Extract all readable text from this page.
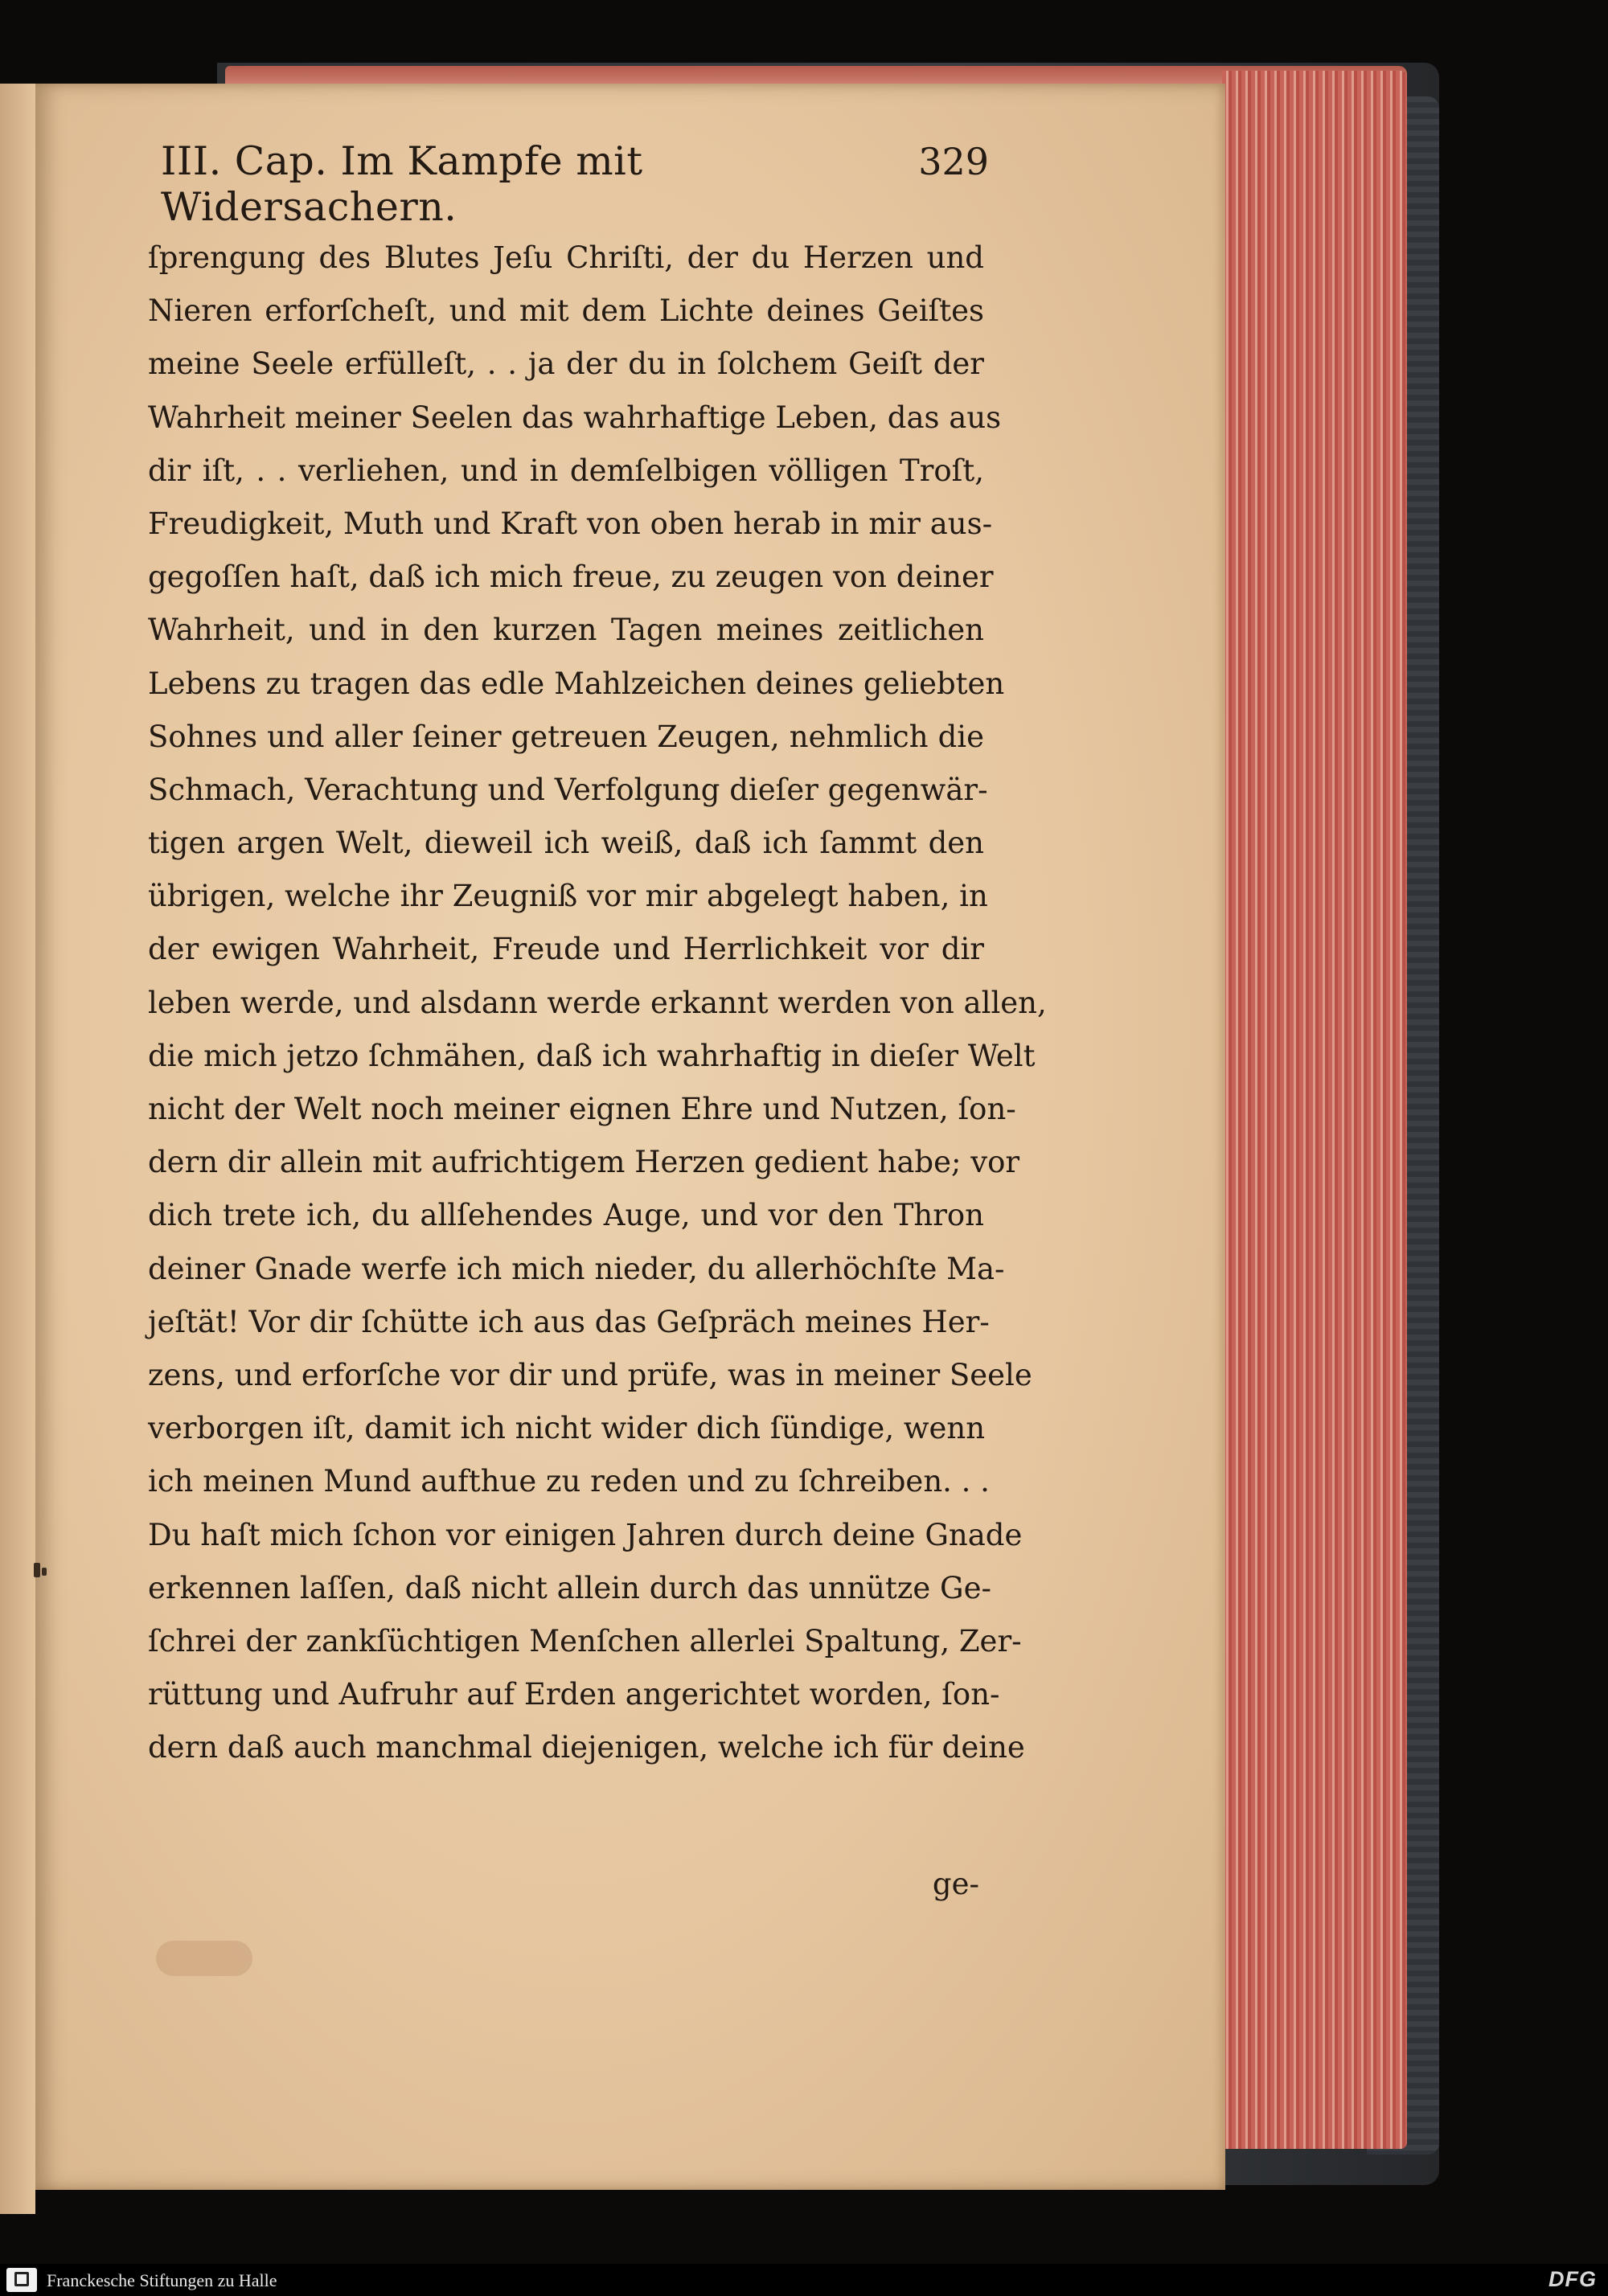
III. Cap. Im Kampfe mit Widersachern.
329
ſprengung des Blutes Jeſu Chriſti, der du Herzen und
Nieren erforſcheſt, und mit dem Lichte deines Geiſtes
meine Seele erfülleſt, . . ja der du in ſolchem Geiſt der
Wahrheit meiner Seelen das wahrhaftige Leben, das aus
dir iſt, . . verliehen, und in demſelbigen völligen Troſt,
Freudigkeit, Muth und Kraft von oben herab in mir aus-
gegoſſen haſt, daß ich mich freue, zu zeugen von deiner
Wahrheit, und in den kurzen Tagen meines zeitlichen
Lebens zu tragen das edle Mahlzeichen deines geliebten
Sohnes und aller ſeiner getreuen Zeugen, nehmlich die
Schmach, Verachtung und Verfolgung dieſer gegenwär-
tigen argen Welt, dieweil ich weiß, daß ich ſammt den
übrigen, welche ihr Zeugniß vor mir abgelegt haben, in
der ewigen Wahrheit, Freude und Herrlichkeit vor dir
leben werde, und alsdann werde erkannt werden von allen,
die mich jetzo ſchmähen, daß ich wahrhaftig in dieſer Welt
nicht der Welt noch meiner eignen Ehre und Nutzen, ſon-
dern dir allein mit aufrichtigem Herzen gedient habe; vor
dich trete ich, du allſehendes Auge, und vor den Thron
deiner Gnade werfe ich mich nieder, du allerhöchſte Ma-
jeſtät! Vor dir ſchütte ich aus das Geſpräch meines Her-
zens, und erforſche vor dir und prüfe, was in meiner Seele
verborgen iſt, damit ich nicht wider dich ſündige, wenn
ich meinen Mund aufthue zu reden und zu ſchreiben. . .
Du haſt mich ſchon vor einigen Jahren durch deine Gnade
erkennen laſſen, daß nicht allein durch das unnütze Ge-
ſchrei der zankſüchtigen Menſchen allerlei Spaltung, Zer-
rüttung und Aufruhr auf Erden angerichtet worden, ſon-
dern daß auch manchmal diejenigen, welche ich für deine
ge-
Franckesche Stiftungen zu Halle	DFG
